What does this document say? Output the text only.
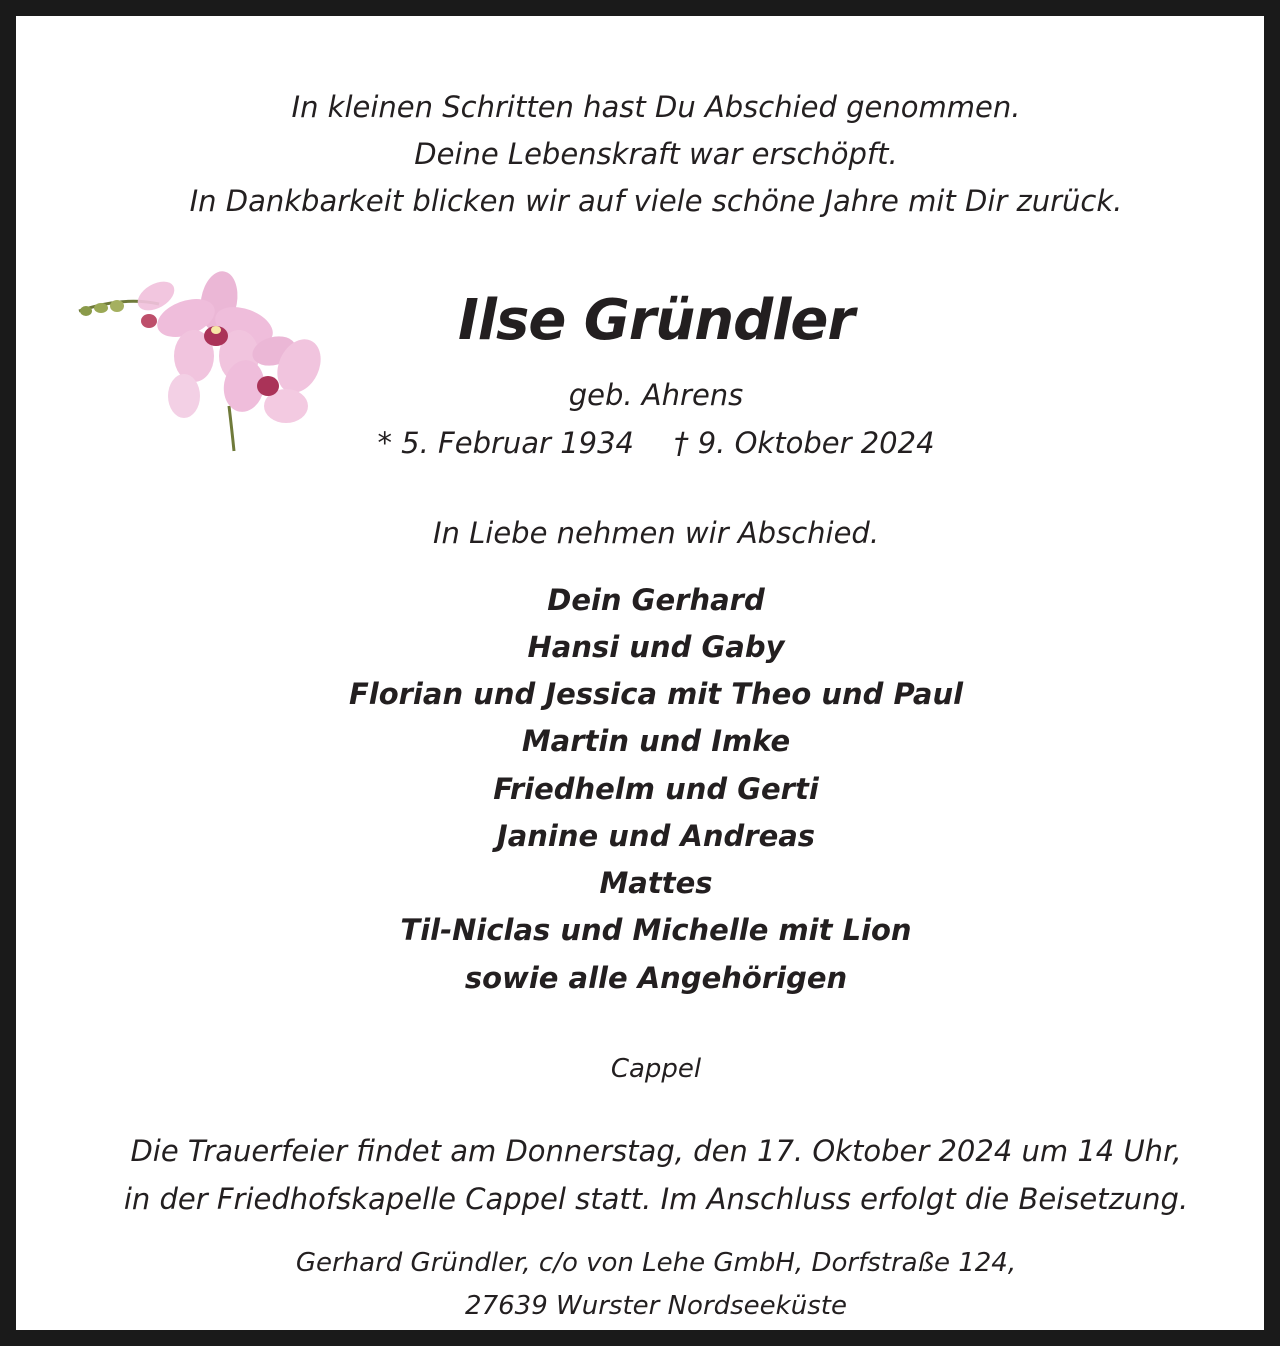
In kleinen Schritten hast Du Abschied genommen.
Deine Lebenskraft war erschöpft.
In Dankbarkeit blicken wir auf viele schöne Jahre mit Dir zurück.
Ilse Gründler
geb. Ahrens
* 5. Februar 1934 † 9. Oktober 2024
In Liebe nehmen wir Abschied.
Dein Gerhard
Hansi und Gaby
Florian und Jessica mit Theo und Paul
Martin und Imke
Friedhelm und Gerti
Janine und Andreas
Mattes
Til-Niclas und Michelle mit Lion
sowie alle Angehörigen
Cappel
Die Trauerfeier findet am Donnerstag, den 17. Oktober 2024 um 14 Uhr,
in der Friedhofskapelle Cappel statt. Im Anschluss erfolgt die Beisetzung.
Gerhard Gründler, c/o von Lehe GmbH, Dorfstraße 124,
27639 Wurster Nordseeküste
